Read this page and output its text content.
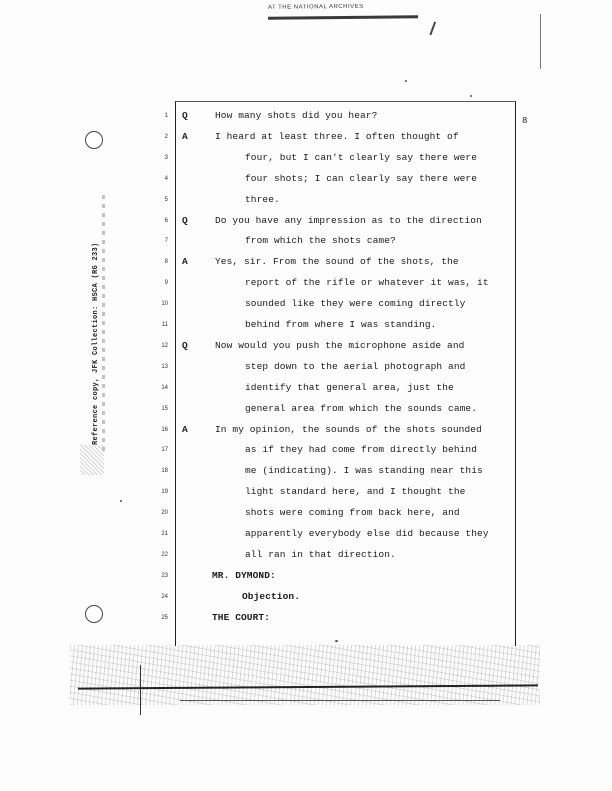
AT THE NATIONAL ARCHIVES
Reference copy, JFK Collection: HSCA (RG 233)
8
1 Q	How many shots did you hear?
2 A	I heard at least three. I often thought of
3	four, but I can't clearly say there were
4	four shots; I can clearly say there were
5	three.
6 Q	Do you have any impression as to the direction
7	from which the shots came?
8 A	Yes, sir. From the sound of the shots, the
9	report of the rifle or whatever it was, it
10	sounded like they were coming directly
11	behind from where I was standing.
12 Q	Now would you push the microphone aside and
13	step down to the aerial photograph and
14	identify that general area, just the
15	general area from which the sounds came.
16 A	In my opinion, the sounds of the shots sounded
17	as if they had come from directly behind
18	me (indicating). I was standing near this
19	light standard here, and I thought the
20	shots were coming from back here, and
21	apparently everybody else did because they
22	all ran in that direction.
23	MR. DYMOND:
24	Objection.
25	THE COURT:
